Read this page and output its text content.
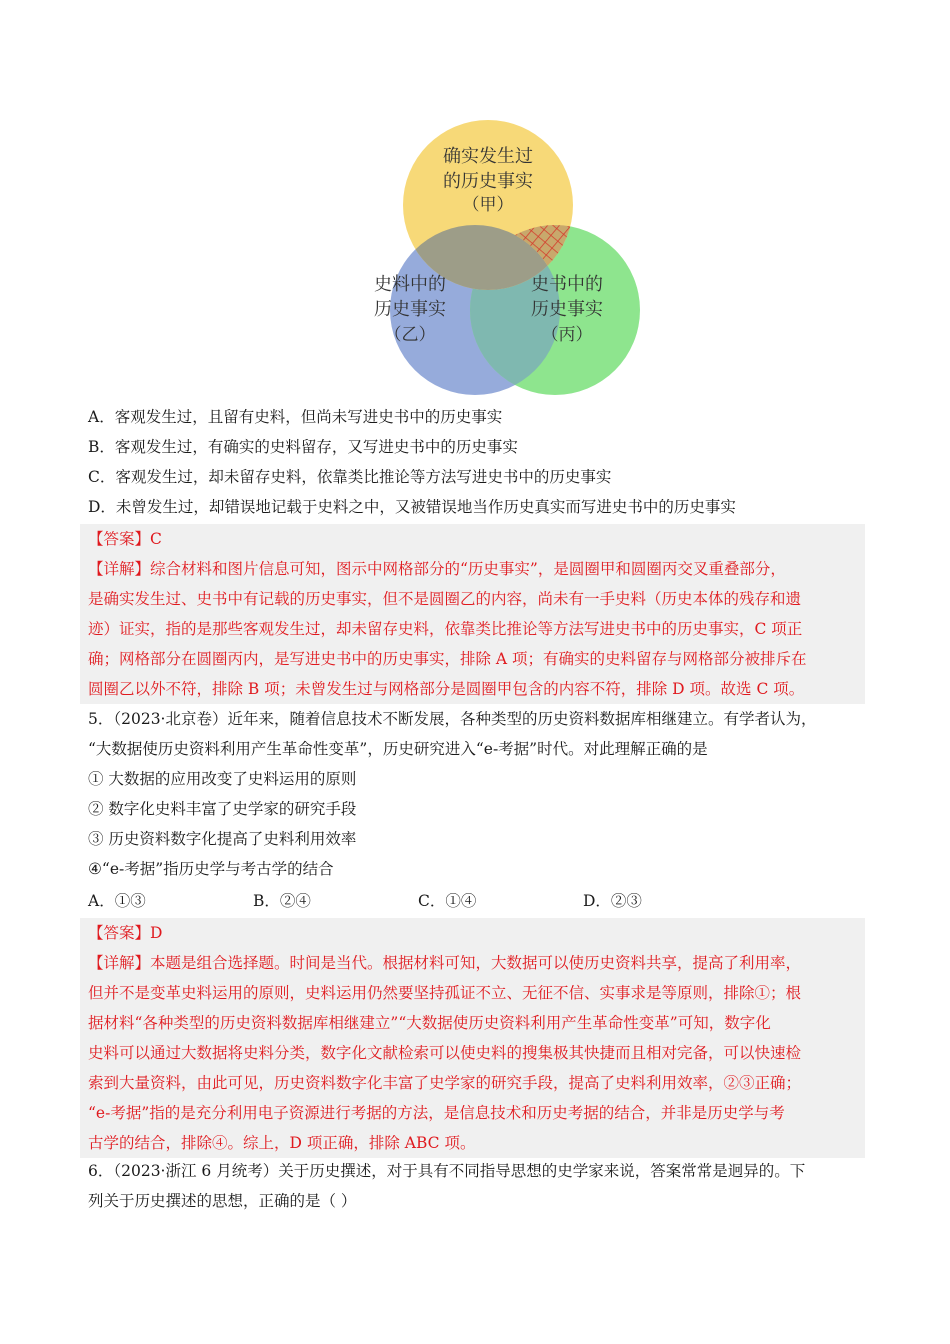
确实发生过
的历史事实
（甲）
史料中的
历史事实
（乙）
史书中的
历史事实
（丙）
A．客观发生过，且留有史料，但尚未写进史书中的历史事实
B．客观发生过，有确实的史料留存，又写进史书中的历史事实
C．客观发生过，却未留存史料，依靠类比推论等方法写进史书中的历史事实
D．未曾发生过，却错误地记载于史料之中，又被错误地当作历史真实而写进史书中的历史事实
【答案】C
【详解】综合材料和图片信息可知，图示中网格部分的“历史事实”，是圆圈甲和圆圈丙交叉重叠部分，
是确实发生过、史书中有记载的历史事实，但不是圆圈乙的内容，尚未有一手史料（历史本体的残存和遗
迹）证实，指的是那些客观发生过，却未留存史料，依靠类比推论等方法写进史书中的历史事实，C 项正
确；网格部分在圆圈丙内，是写进史书中的历史事实，排除 A 项；有确实的史料留存与网格部分被排斥在
圆圈乙以外不符，排除 B 项；未曾发生过与网格部分是圆圈甲包含的内容不符，排除 D 项。故选 C 项。
5．（2023·北京卷）近年来，随着信息技术不断发展，各种类型的历史资料数据库相继建立。有学者认为，
“大数据使历史资料利用产生革命性变革”，历史研究进入“e-考据”时代。对此理解正确的是
① 大数据的应用改变了史料运用的原则
② 数字化史料丰富了史学家的研究手段
③ 历史资料数字化提高了史料利用效率
④“e-考据”指历史学与考古学的结合
A．①③	B．②④	C．①④	D．②③
【答案】D
【详解】本题是组合选择题。时间是当代。根据材料可知，大数据可以使历史资料共享，提高了利用率，
但并不是变革史料运用的原则，史料运用仍然要坚持孤证不立、无征不信、实事求是等原则，排除①；根
据材料“各种类型的历史资料数据库相继建立”“大数据使历史资料利用产生革命性变革”可知，数字化
史料可以通过大数据将史料分类，数字化文献检索可以使史料的搜集极其快捷而且相对完备，可以快速检
索到大量资料，由此可见，历史资料数字化丰富了史学家的研究手段，提高了史料利用效率，②③正确；
“e-考据”指的是充分利用电子资源进行考据的方法，是信息技术和历史考据的结合，并非是历史学与考
古学的结合，排除④。综上，D 项正确，排除 ABC 项。
6．（2023·浙江 6 月统考）关于历史撰述，对于具有不同指导思想的史学家来说，答案常常是迥异的。下
列关于历史撰述的思想，正确的是（ ）
